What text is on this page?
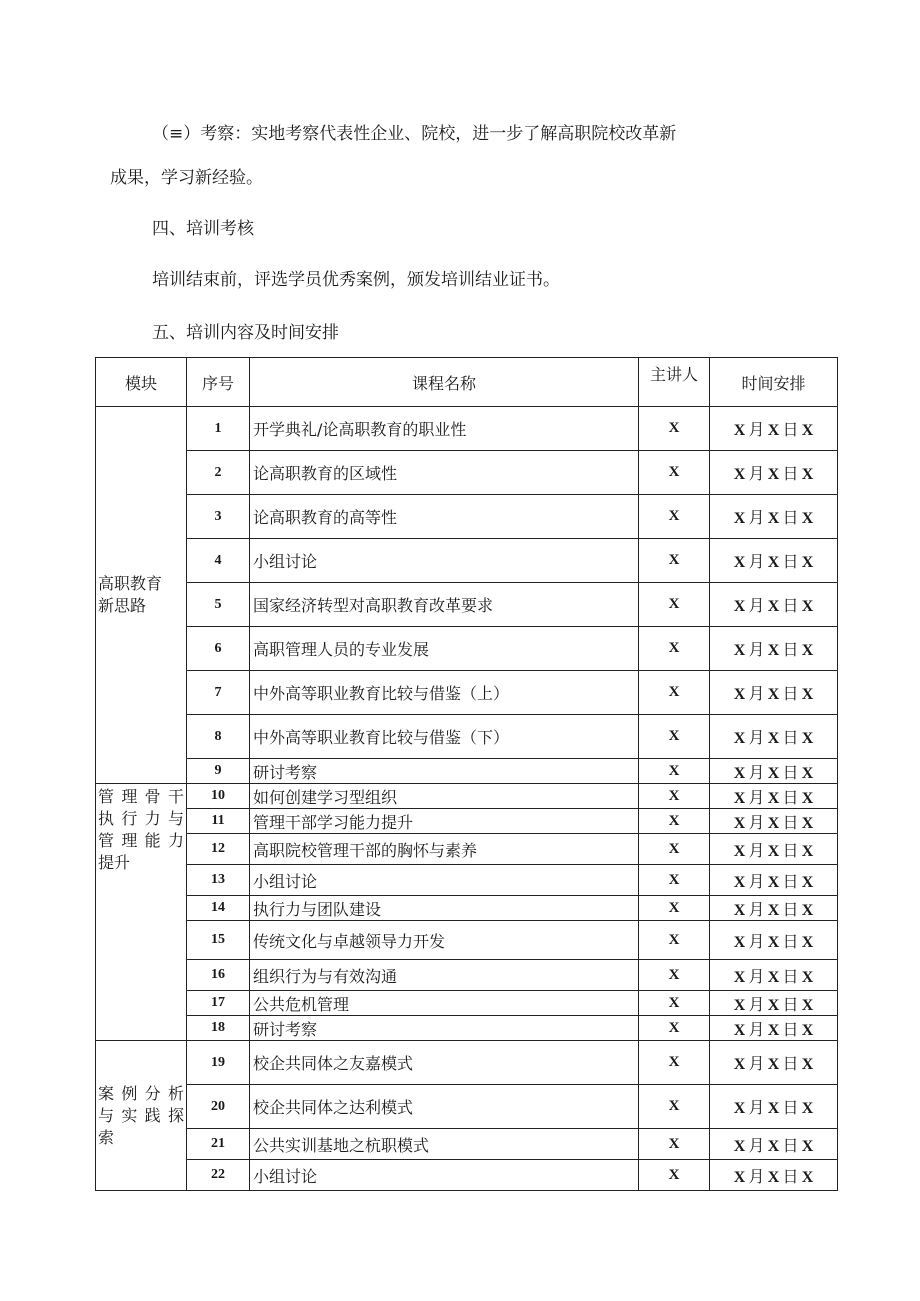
（≡）考察：实地考察代表性企业、院校，进一步了解高职院校改革新
成果，学习新经验。
四、培训考核
培训结束前，评选学员优秀案例，颁发培训结业证书。
五、培训内容及时间安排
模块	序号	课程名称	主讲人	时间安排

高职教育
新思路	1	开学典礼/论高职教育的职业性	X	X  月  X  日  X
	2	论高职教育的区域性	X	X  月  X  日  X
	3	论高职教育的高等性	X	X  月  X  日  X
	4	小组讨论	X	X  月  X  日  X
	5	国家经济转型对高职教育改革要求	X	X  月  X  日  X
	6	高职管理人员的专业发展	X	X  月  X  日  X
	7	中外高等职业教育比较与借鉴（上）	X	X  月  X  日  X
	8	中外高等职业教育比较与借鉴（下）	X	X  月  X  日  X
	9	研讨考察	X	X  月  X  日  X

管理骨干
执行力与
管理能力
提升	10	如何创建学习型组织	X	X  月  X  日  X
	11	管理干部学习能力提升	X	X  月  X  日  X
	12	高职院校管理干部的胸怀与素养	X	X  月  X  日  X
	13	小组讨论	X	X  月  X  日  X
	14	执行力与团队建设	X	X  月  X  日  X
	15	传统文化与卓越领导力开发	X	X  月  X  日  X
	16	组织行为与有效沟通	X	X  月  X  日  X
	17	公共危机管理	X	X  月  X  日  X
	18	研讨考察	X	X  月  X  日  X

案例分析
与实践探
索	19	校企共同体之友嘉模式	X	X  月  X  日  X
	20	校企共同体之达利模式	X	X  月  X  日  X
	21	公共实训基地之杭职模式	X	X  月  X  日  X
	22	小组讨论	X	X  月  X  日  X
